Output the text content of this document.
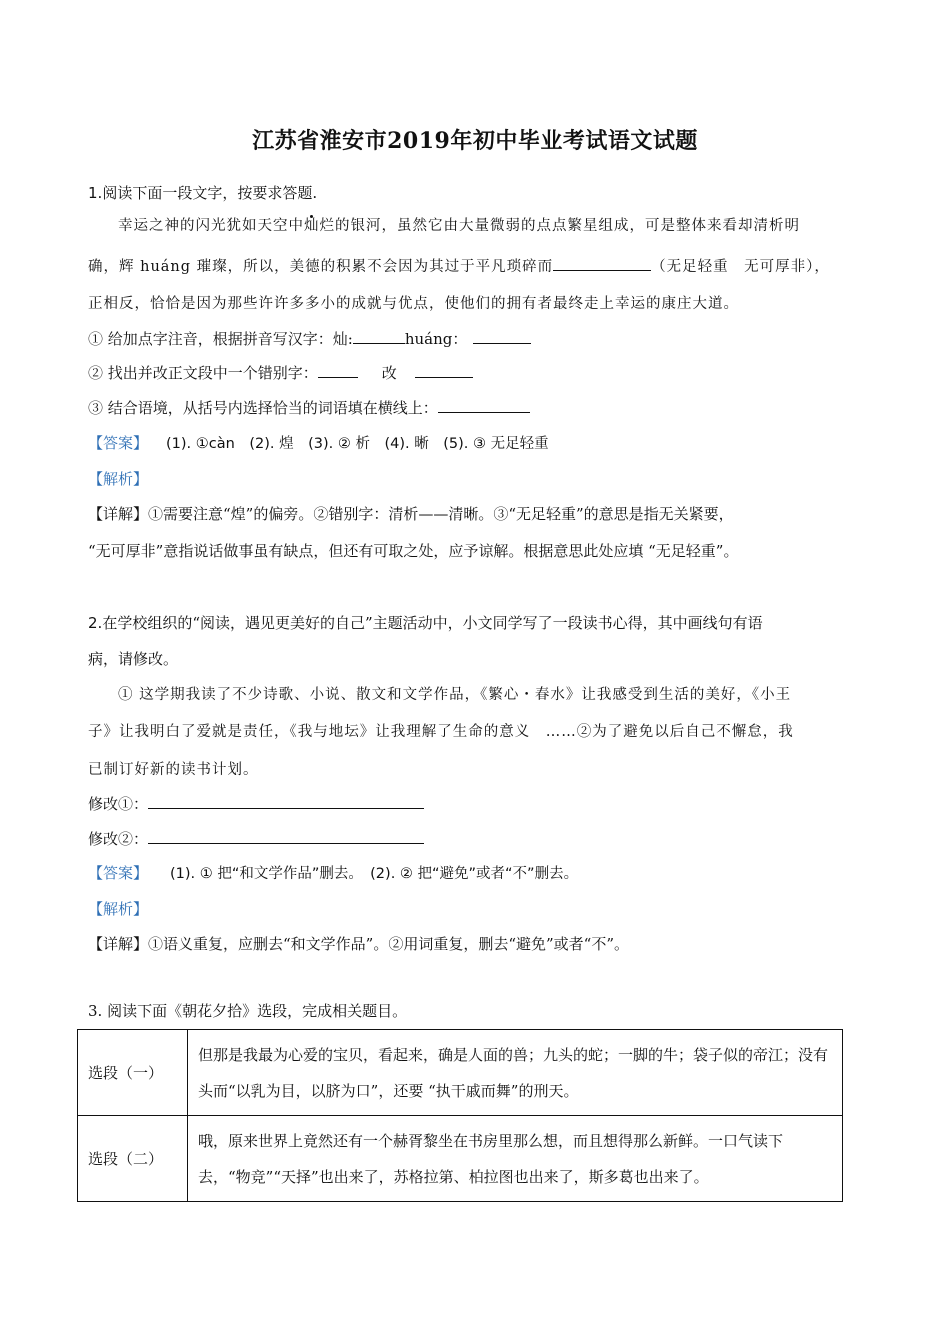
江苏省淮安市2019年初中毕业考试语文试题
1.阅读下面一段文字，按要求答题.
幸运之神的闪光犹如天空中灿烂的银河，虽然它由大量微弱的点点繁星组成，可是整体来看却清析明
确，辉 huáng 璀璨，所以，美德的积累不会因为其过于平凡琐碎而	（无足轻重　无可厚非），
正相反，恰恰是因为那些许许多多小的成就与优点，使他们的拥有者最终走上幸运的康庄大道。
① 给加点字注音，根据拼音写汉字：灿:	huáng：
② 找出并改正文段中一个错别字：	改
③ 结合语境，从括号内选择恰当的词语填在横线上：
【答案】 (1). ①càn　(2). 煌　(3). ② 析　(4). 晰　(5). ③ 无足轻重
【解析】
【详解】①需要注意“煌”的偏旁。②错别字：清析——清晰。③“无足轻重”的意思是指无关紧要，
“无可厚非”意指说话做事虽有缺点，但还有可取之处，应予谅解。根据意思此处应填 “无足轻重”。
2.在学校组织的“阅读，遇见更美好的自己”主题活动中，小文同学写了一段读书心得，其中画线句有语
病，请修改。
① 这学期我读了不少诗歌、小说、散文和文学作品，《繁心・春水》让我感受到生活的美好，《小王
子》让我明白了爱就是责任，《我与地坛》让我理解了生命的意义　……②为了避免以后自己不懈怠，我
已制订好新的读书计划。
修改①：
修改②：
【答案】 (1). ① 把“和文学作品”删去。　(2). ② 把“避免”或者“不”删去。
【解析】
【详解】①语义重复，应删去“和文学作品”。②用词重复，删去“避免”或者“不”。
3. 阅读下面《朝花夕拾》选段，完成相关题目。
选段（一）	但那是我最为心爱的宝贝，看起来，确是人面的兽；九头的蛇；一脚的牛；袋子似的帝江；没有头而“以乳为目，以脐为口”，还要 “执干戚而舞”的刑天。
选段（二）	哦，原来世界上竟然还有一个赫胥黎坐在书房里那么想，而且想得那么新鲜。一口气读下去，“物竞”“天择”也出来了，苏格拉第、柏拉图也出来了，斯多葛也出来了。
